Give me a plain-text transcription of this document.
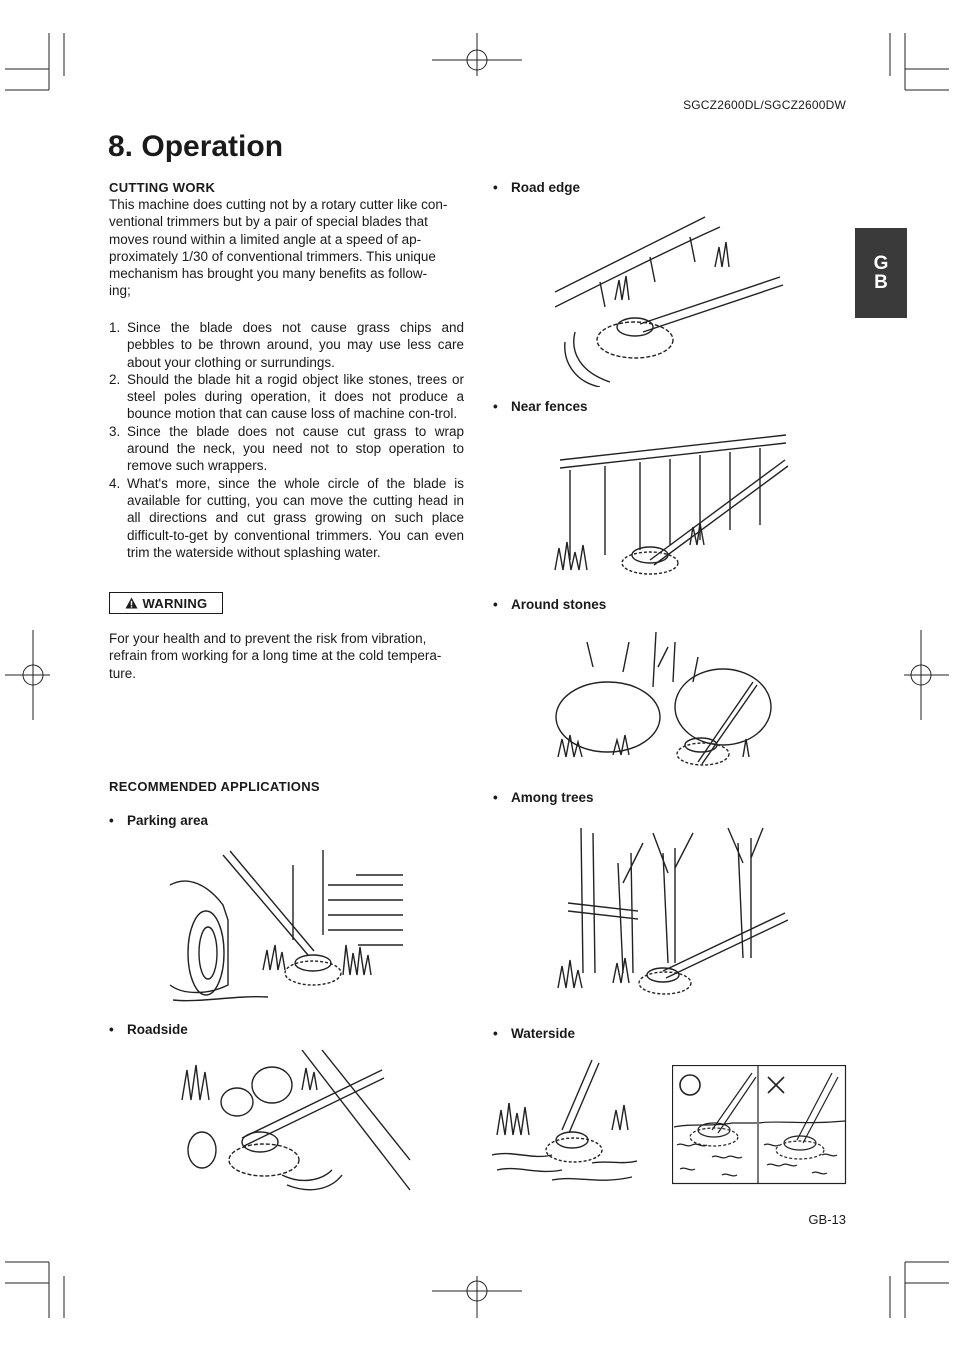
SGCZ2600DL/SGCZ2600DW
8. Operation
G
B
CUTTING WORK
This machine does cutting not by a rotary cutter like con-
ventional trimmers but by a pair of special blades that
moves round within a limited angle at a speed of ap-
proximately 1/30 of conventional trimmers. This unique
mechanism has brought you many benefits as follow-
ing;
1. Since the blade does not cause grass chips and pebbles to be thrown around, you may use less care about your clothing or surrundings.
2. Should the blade hit a rogid object like stones, trees or steel poles during operation, it does not produce a bounce motion that can cause loss of machine con-trol.
3. Since the blade does not cause cut grass to wrap around the neck, you need not to stop operation to remove such wrappers.
4. What's more, since the whole circle of the blade is available for cutting, you can move the cutting head in all directions and cut grass growing on such place difficult-to-get by conventional trimmers. You can even trim the waterside without splashing water.
WARNING
For your health and to prevent the risk from vibration,
refrain from working for a long time at the cold tempera-
ture.
RECOMMENDED APPLICATIONS
• Parking area
• Roadside
• Road edge
• Near fences
• Around stones
• Among trees
• Waterside
GB-13
